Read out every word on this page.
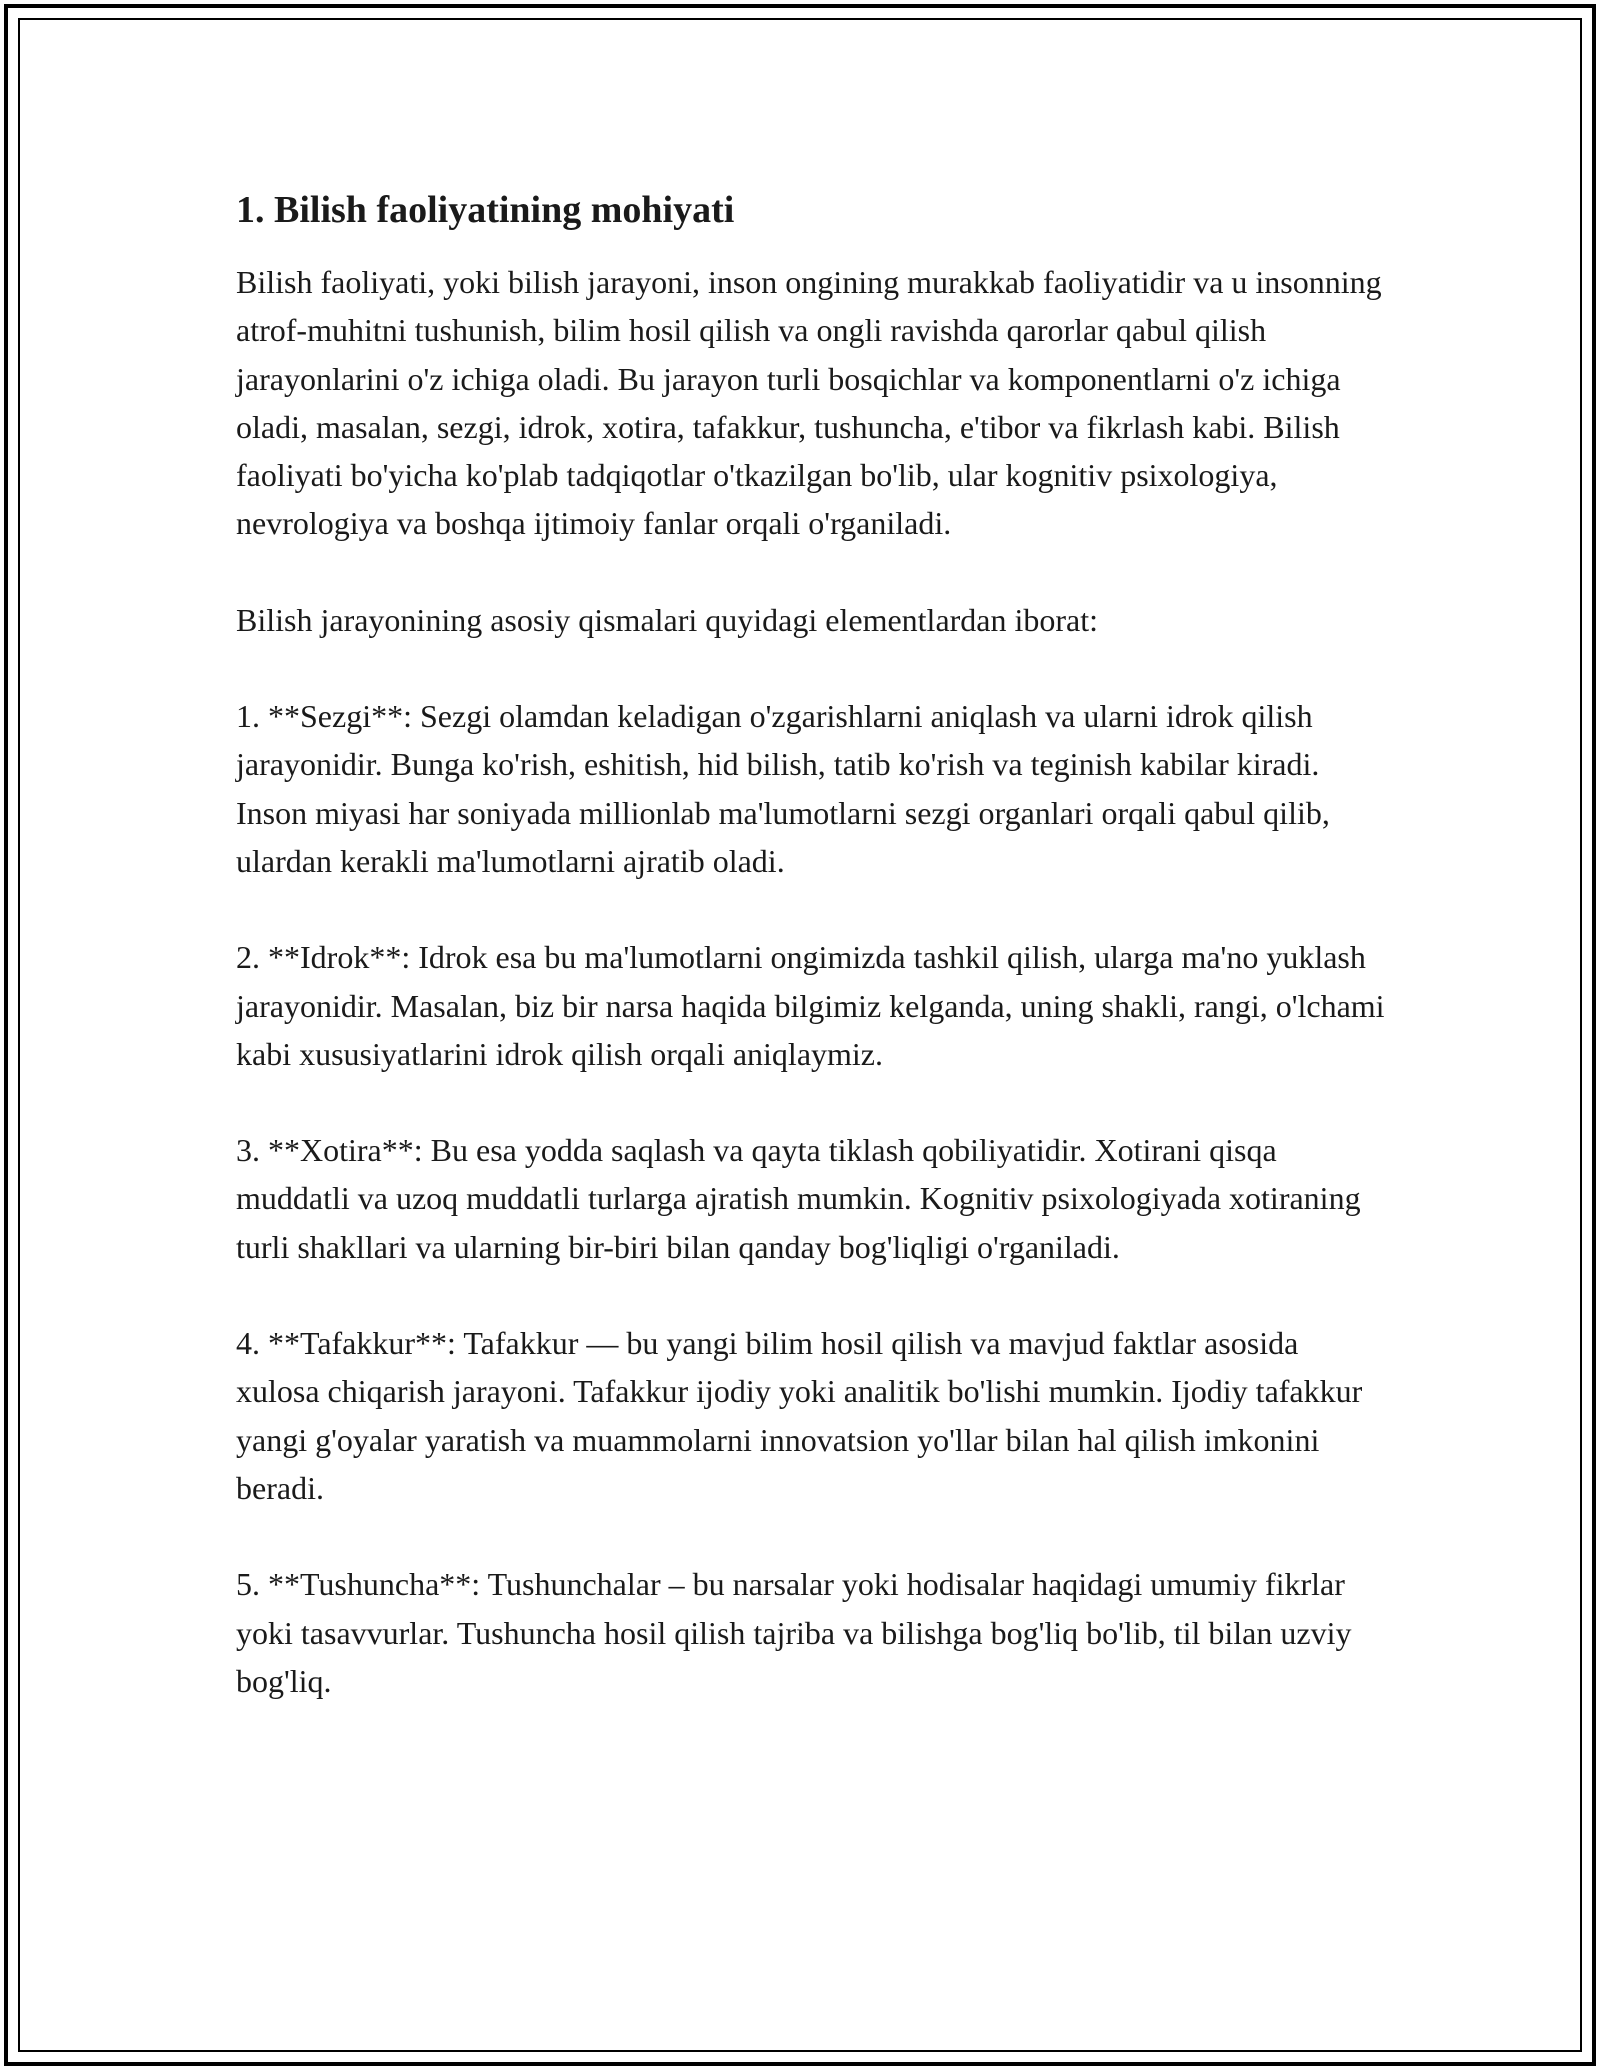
1. Bilish faoliyatining mohiyati

Bilish faoliyati, yoki bilish jarayoni, inson ongining murakkab faoliyatidir va u insonning atrof-muhitni tushunish, bilim hosil qilish va ongli ravishda qarorlar qabul qilish jarayonlarini o'z ichiga oladi. Bu jarayon turli bosqichlar va komponentlarni o'z ichiga oladi, masalan, sezgi, idrok, xotira, tafakkur, tushuncha, e'tibor va fikrlash kabi. Bilish faoliyati bo'yicha ko'plab tadqiqotlar o'tkazilgan bo'lib, ular kognitiv psixologiya, nevrologiya va boshqa ijtimoiy fanlar orqali o'rganiladi.

Bilish jarayonining asosiy qismalari quyidagi elementlardan iborat:

1. **Sezgi**: Sezgi olamdan keladigan o'zgarishlarni aniqlash va ularni idrok qilish jarayonidir. Bunga ko'rish, eshitish, hid bilish, tatib ko'rish va teginish kabilar kiradi. Inson miyasi har soniyada millionlab ma'lumotlarni sezgi organlari orqali qabul qilib, ulardan kerakli ma'lumotlarni ajratib oladi.

2. **Idrok**: Idrok esa bu ma'lumotlarni ongimizda tashkil qilish, ularga ma'no yuklash jarayonidir. Masalan, biz bir narsa haqida bilgimiz kelganda, uning shakli, rangi, o'lchami kabi xususiyatlarini idrok qilish orqali aniqlaymiz.

3. **Xotira**: Bu esa yodda saqlash va qayta tiklash qobiliyatidir. Xotirani qisqa muddatli va uzoq muddatli turlarga ajratish mumkin. Kognitiv psixologiyada xotiraning turli shakllari va ularning bir-biri bilan qanday bog'liqligi o'rganiladi.

4. **Tafakkur**: Tafakkur — bu yangi bilim hosil qilish va mavjud faktlar asosida xulosa chiqarish jarayoni. Tafakkur ijodiy yoki analitik bo'lishi mumkin. Ijodiy tafakkur yangi g'oyalar yaratish va muammolarni innovatsion yo'llar bilan hal qilish imkonini beradi.

5. **Tushuncha**: Tushunchalar – bu narsalar yoki hodisalar haqidagi umumiy fikrlar yoki tasavvurlar. Tushuncha hosil qilish tajriba va bilishga bog'liq bo'lib, til bilan uzviy bog'liq.
